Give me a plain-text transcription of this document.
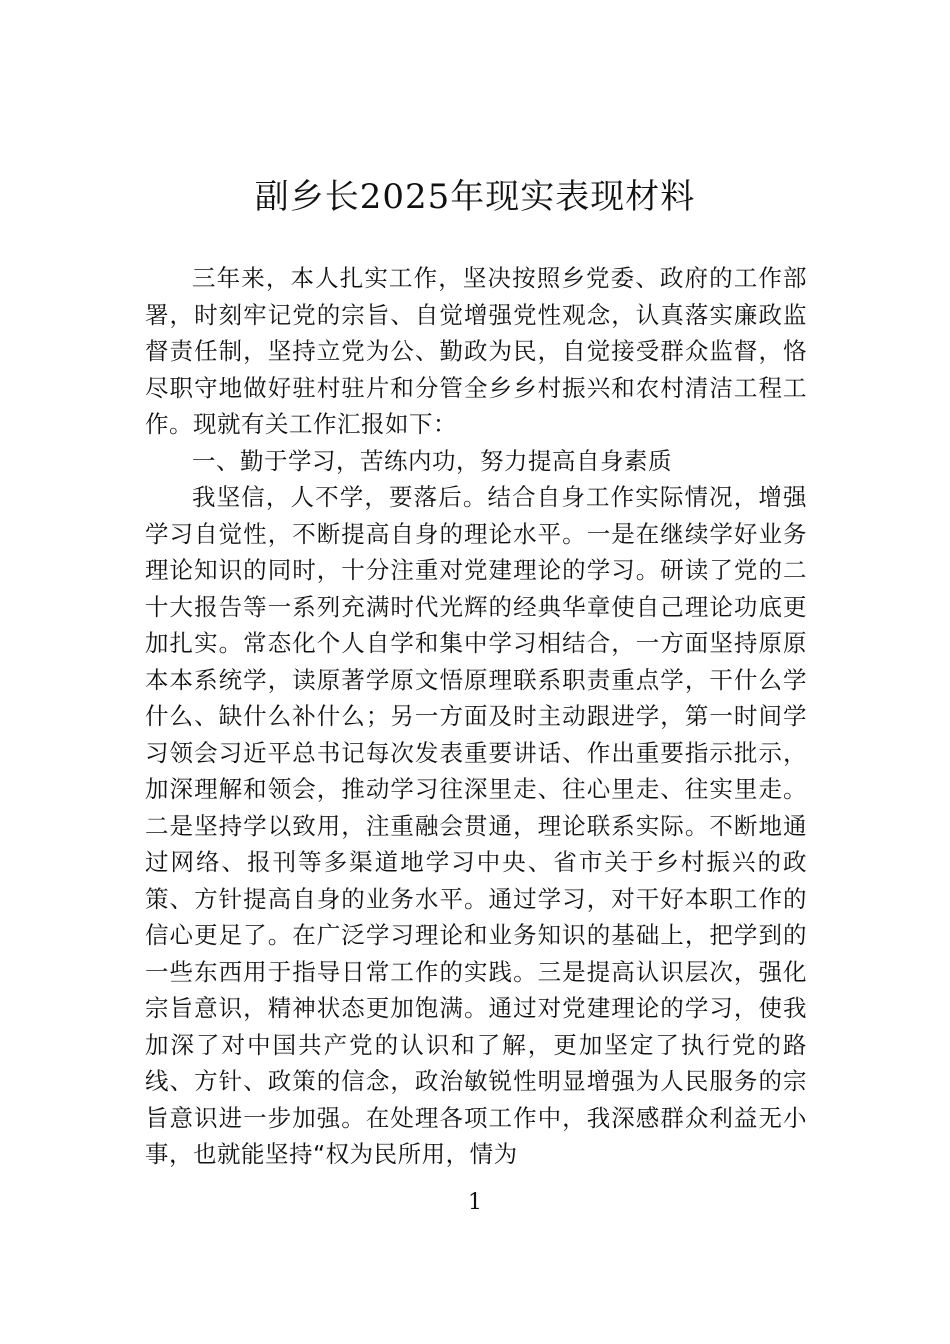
副乡长2025年现实表现材料

三年来，本人扎实工作，坚决按照乡党委、政府的工作部署，时刻牢记党的宗旨、自觉增强党性观念，认真落实廉政监督责任制，坚持立党为公、勤政为民，自觉接受群众监督，恪尽职守地做好驻村驻片和分管全乡乡村振兴和农村清洁工程工作。现就有关工作汇报如下：

一、勤于学习，苦练内功，努力提高自身素质

我坚信，人不学，要落后。结合自身工作实际情况，增强学习自觉性，不断提高自身的理论水平。一是在继续学好业务理论知识的同时，十分注重对党建理论的学习。研读了党的二十大报告等一系列充满时代光辉的经典华章使自己理论功底更加扎实。常态化个人自学和集中学习相结合，一方面坚持原原本本系统学，读原著学原文悟原理联系职责重点学，干什么学什么、缺什么补什么；另一方面及时主动跟进学，第一时间学习领会习近平总书记每次发表重要讲话、作出重要指示批示，加深理解和领会，推动学习往深里走、往心里走、往实里走。二是坚持学以致用，注重融会贯通，理论联系实际。不断地通过网络、报刊等多渠道地学习中央、省市关于乡村振兴的政策、方针提高自身的业务水平。通过学习，对干好本职工作的信心更足了。在广泛学习理论和业务知识的基础上，把学到的一些东西用于指导日常工作的实践。三是提高认识层次，强化宗旨意识，精神状态更加饱满。通过对党建理论的学习，使我加深了对中国共产党的认识和了解，更加坚定了执行党的路线、方针、政策的信念，政治敏锐性明显增强为人民服务的宗旨意识进一步加强。在处理各项工作中，我深感群众利益无小事，也就能坚持“权为民所用，情为

1
